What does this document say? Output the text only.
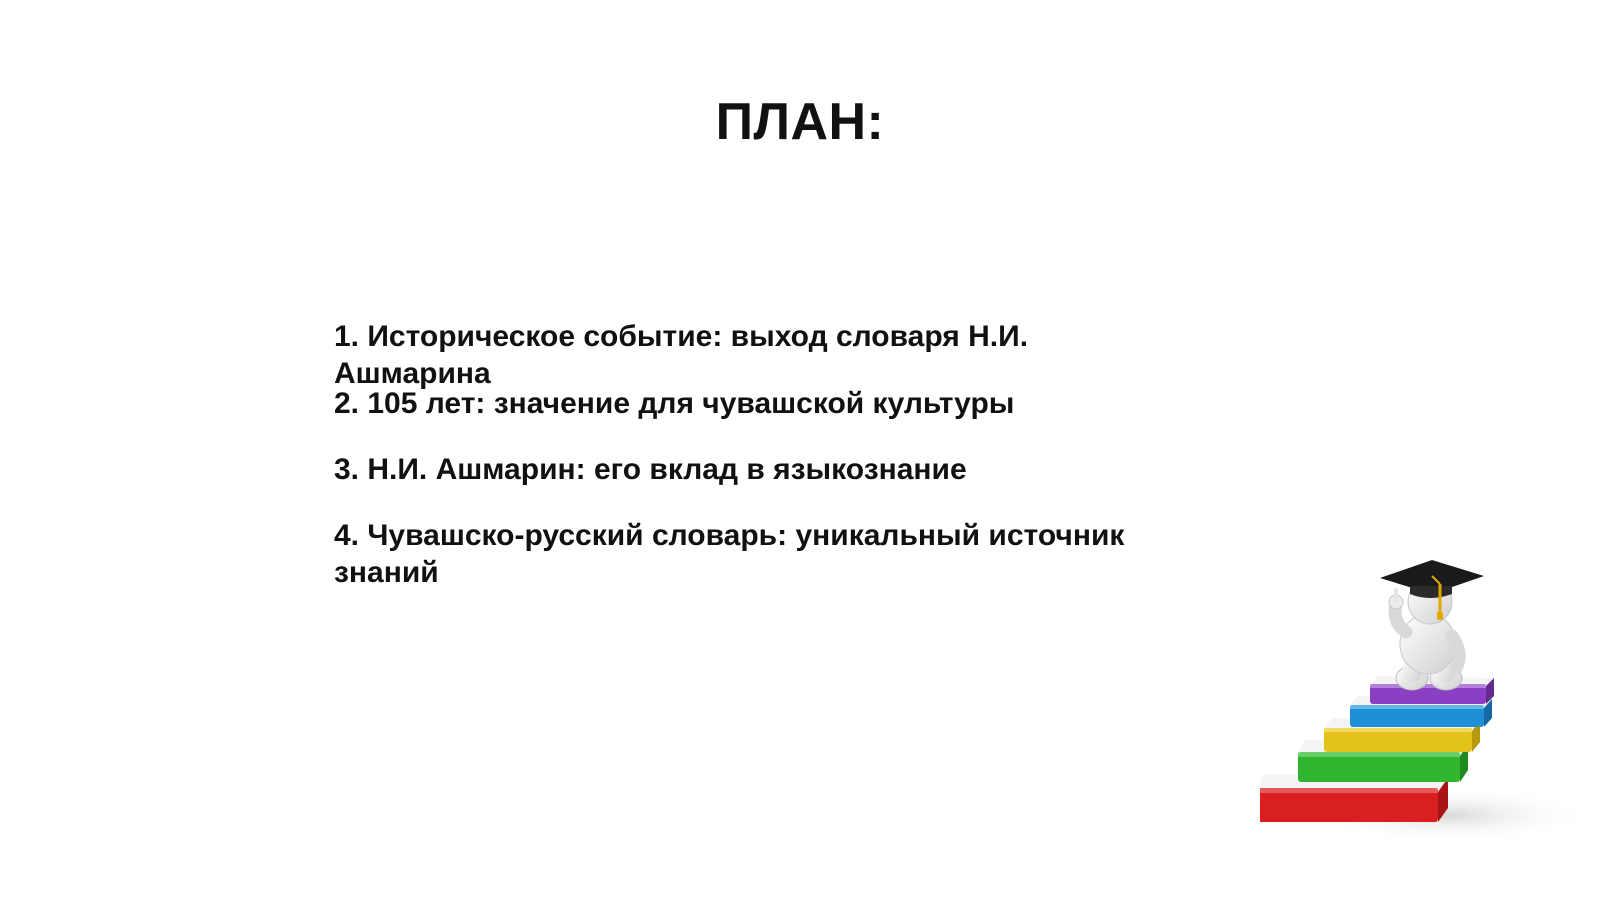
ПЛАН:
1. Историческое событие: выход словаря Н.И. Ашмарина
2. 105 лет: значение для чувашской культуры
3. Н.И. Ашмарин: его вклад в языкознание
4. Чувашско-русский словарь: уникальный источник знаний
